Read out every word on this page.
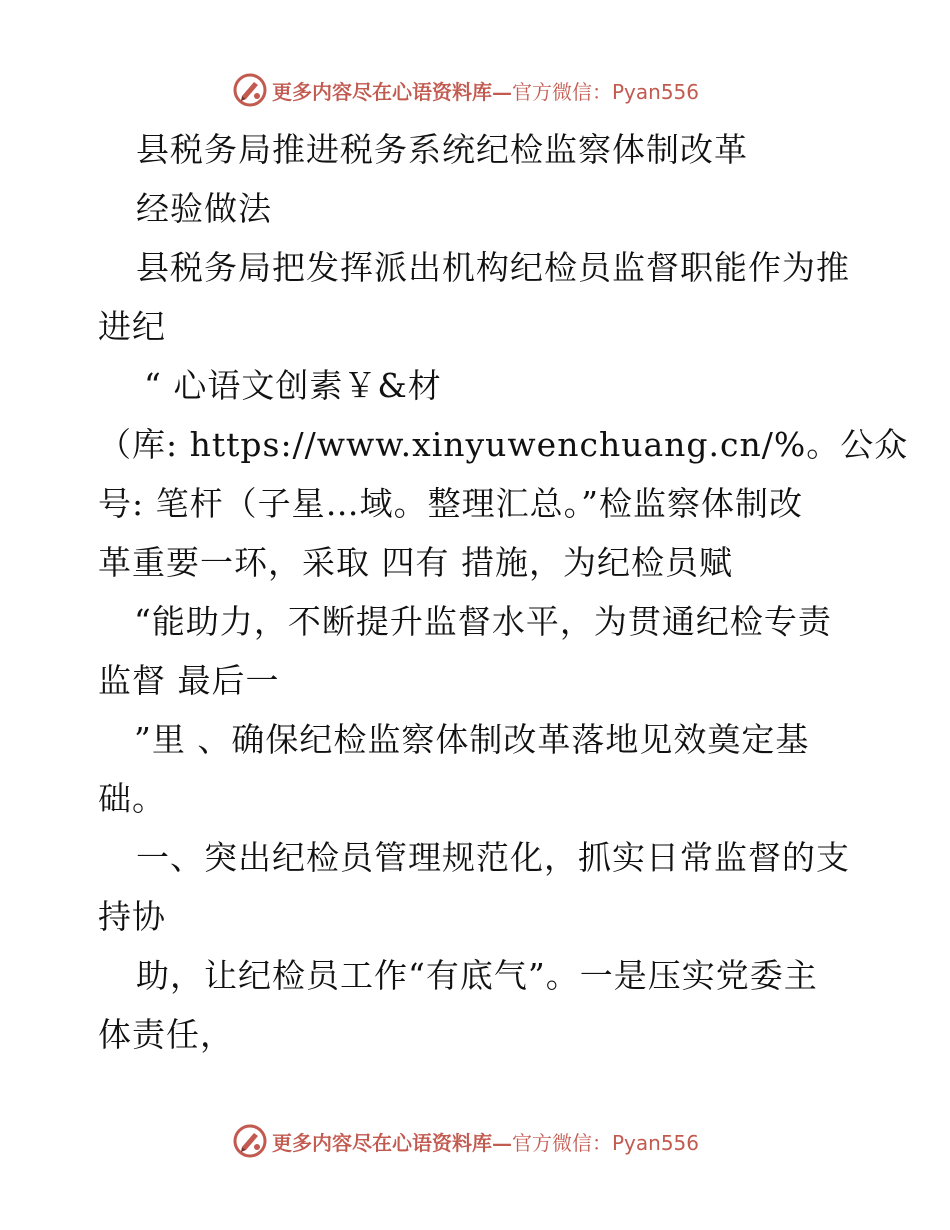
更多内容尽在心语资料库— 官方微信：Pyan556
县税务局推进税务系统纪检监察体制改革
经验做法
县税务局把发挥派出机构纪检员监督职能作为推
进纪
“ 心语文创素￥&材
（库: https://www.xinyuwenchuang.cn/%。公众
号: 笔杆（子星…域。整理汇总。”检监察体制改
革重要一环，采取 四有 措施，为纪检员赋
“能助力，不断提升监督水平，为贯通纪检专责
监督 最后一
”里 、确保纪检监察体制改革落地见效奠定基
础。
一、突出纪检员管理规范化，抓实日常监督的支
持协
助，让纪检员工作“有底气”。一是压实党委主
体责任，
更多内容尽在心语资料库— 官方微信：Pyan556
